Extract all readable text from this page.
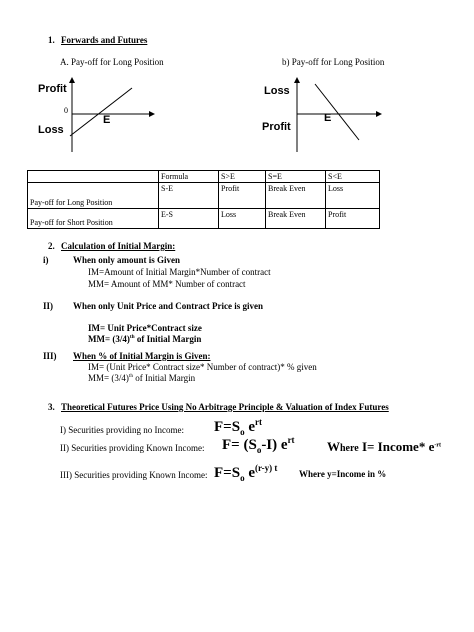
1. Forwards and Futures
A. Pay-off for Long Position	b) Pay-off for Long Position
Profit
0
E
Loss
Loss
E
Profit
	Formula	S>E	S=E	S<E
Pay-off for Long Position	S-E	Profit	Break Even	Loss
Pay-off for Short Position	E-S	Loss	Break Even	Profit
2. Calculation of Initial Margin:
i)	When only amount is Given
IM=Amount of Initial Margin*Number of contract
MM= Amount of MM* Number of contract
II) When only Unit Price and Contract Price is given
IM= Unit Price*Contract size
$MM= (3/4)^{th}$ of Initial Margin
III) When % of Initial Margin is Given:
IM= (Unit Price* Contract size* Number of contract)* % given
$MM= (3/4)^{th}$ of Initial Margin
3. Theoretical Futures Price Using No Arbitrage Principle & Valuation of Index Futures
I) Securities providing no Income: $F=S_o$ $e^{rt}$
II) Securities providing Known Income: $F= (S_o-I)$ $e^{rt}$ Where I= Income* $e^{-rt}$
III) Securities providing Known Income: $F=S_o$ $e^{(r-y) t}$
Where y=Income in %
